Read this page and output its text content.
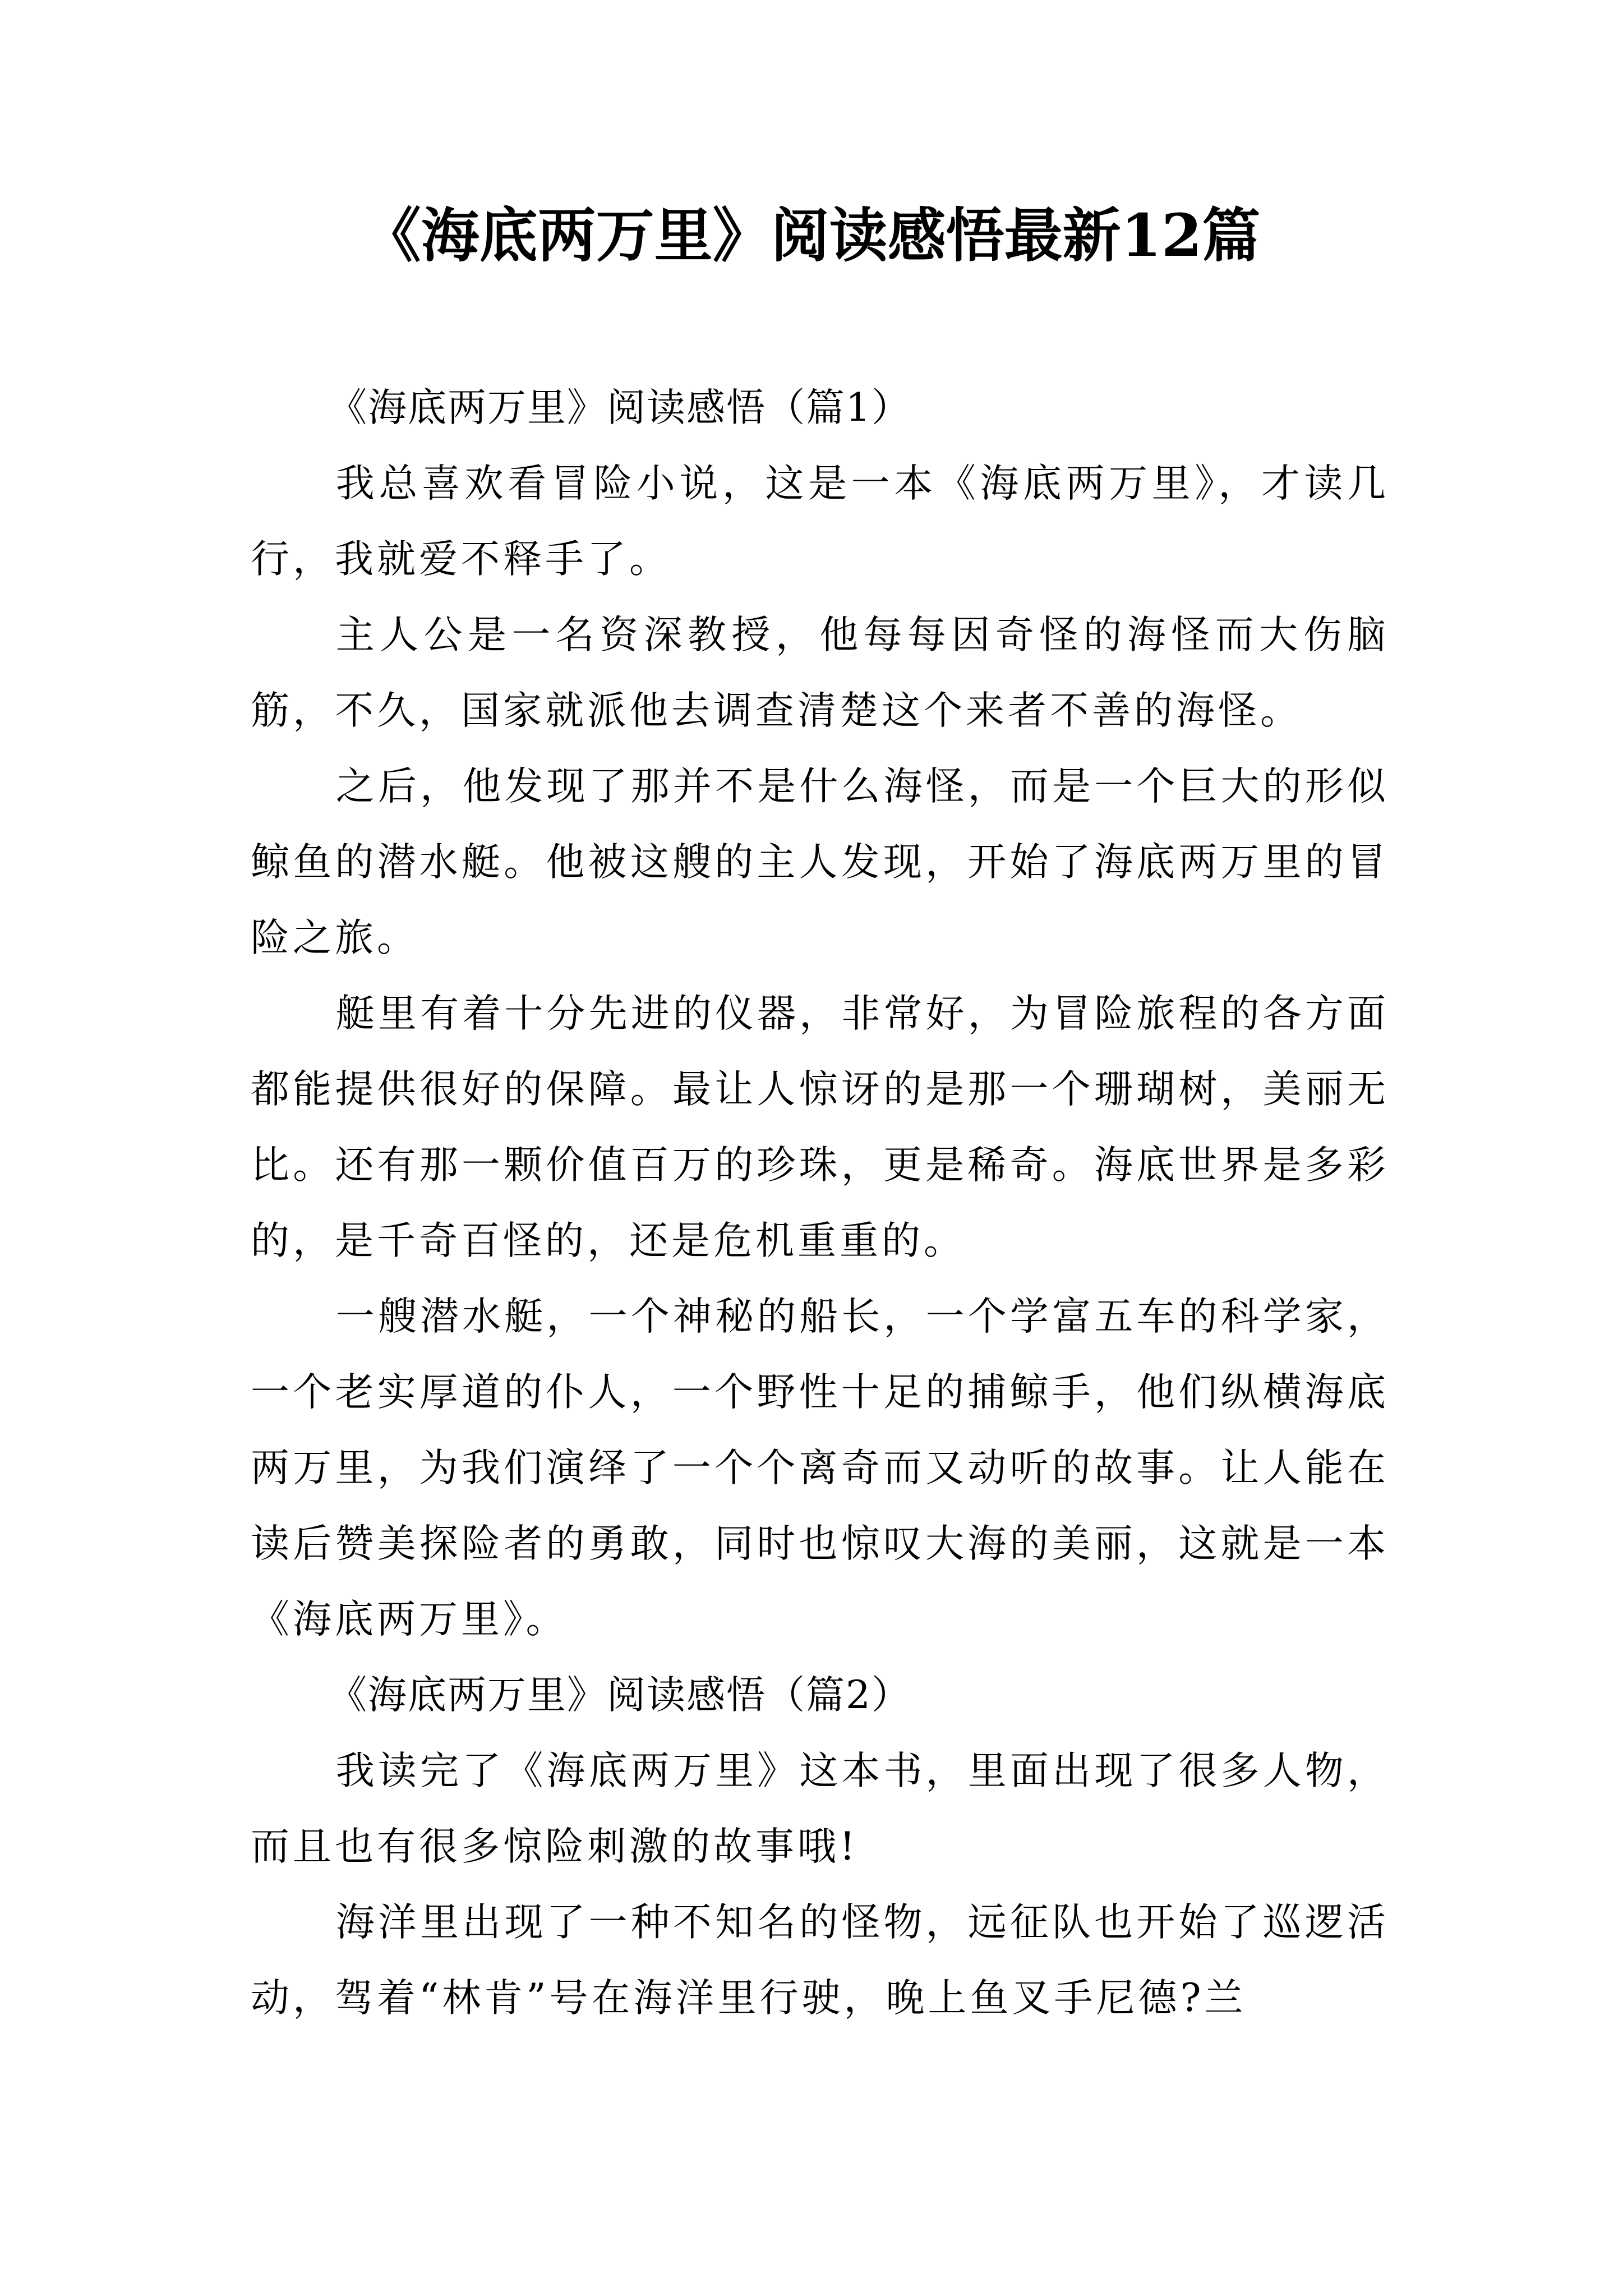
《海底两万里》阅读感悟最新12篇

《海底两万里》阅读感悟（篇1）

我总喜欢看冒险小说，这是一本《海底两万里》，才读几行，我就爱不释手了。

主人公是一名资深教授，他每每因奇怪的海怪而大伤脑筋，不久，国家就派他去调查清楚这个来者不善的海怪。

之后，他发现了那并不是什么海怪，而是一个巨大的形似鲸鱼的潜水艇。他被这艘的主人发现，开始了海底两万里的冒险之旅。

艇里有着十分先进的仪器，非常好，为冒险旅程的各方面都能提供很好的保障。最让人惊讶的是那一个珊瑚树，美丽无比。还有那一颗价值百万的珍珠，更是稀奇。海底世界是多彩的，是千奇百怪的，还是危机重重的。

一艘潜水艇，一个神秘的船长，一个学富五车的科学家，一个老实厚道的仆人，一个野性十足的捕鲸手，他们纵横海底两万里，为我们演绎了一个个离奇而又动听的故事。让人能在读后赞美探险者的勇敢，同时也惊叹大海的美丽，这就是一本《海底两万里》。

《海底两万里》阅读感悟（篇2）

我读完了《海底两万里》这本书，里面出现了很多人物，而且也有很多惊险刺激的故事哦!

海洋里出现了一种不知名的怪物，远征队也开始了巡逻活动，驾着“林肯”号在海洋里行驶，晚上鱼叉手尼德?兰
